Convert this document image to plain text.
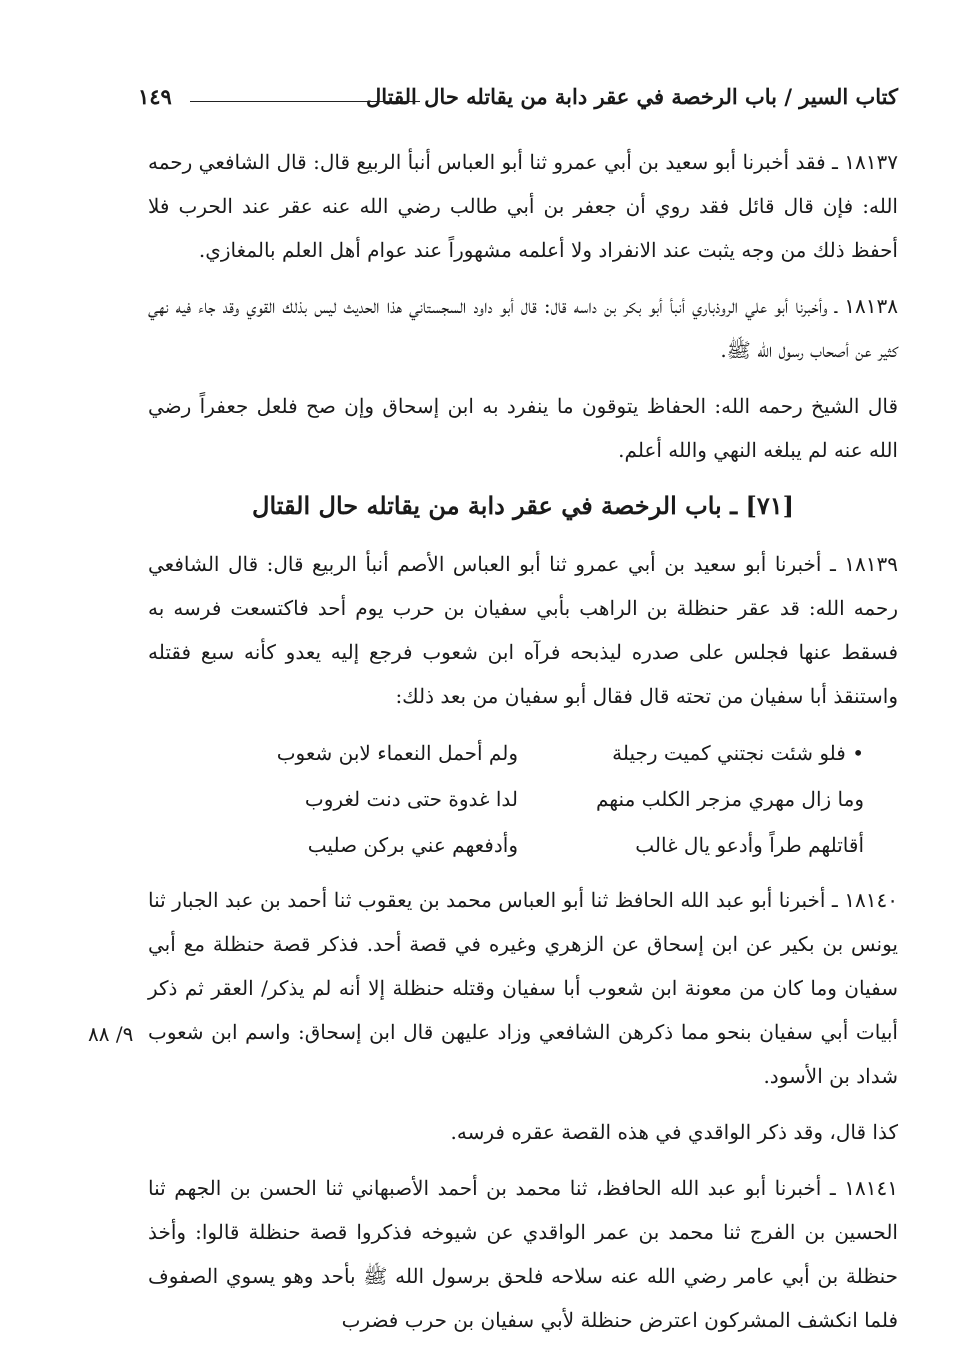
كتاب السير / باب الرخصة في عقر دابة من يقاتله حال القتال
١٤٩

١٨١٣٧ ـ فقد أخبرنا أبو سعيد بن أبي عمرو ثنا أبو العباس أنبأ الربيع قال: قال الشافعي رحمه الله: فإن قال قائل فقد روي أن جعفر بن أبي طالب رضي الله عنه عقر عند الحرب فلا أحفظ ذلك من وجه يثبت عند الانفراد ولا أعلمه مشهوراً عند عوام أهل العلم بالمغازي.

١٨١٣٨ ـ وأخبرنا أبو علي الروذباري أنبأ أبو بكر بن داسه قال: قال أبو داود السجستاني هذا الحديث ليس بذلك القوي وقد جاء فيه نهي كثير عن أصحاب رسول الله ﷺ.

قال الشيخ رحمه الله: الحفاظ يتوقون ما ينفرد به ابن إسحاق وإن صح فلعل جعفراً رضي الله عنه لم يبلغه النهي والله أعلم.

[٧١] ـ باب الرخصة في عقر دابة من يقاتله حال القتال

١٨١٣٩ ـ أخبرنا أبو سعيد بن أبي عمرو ثنا أبو العباس الأصم أنبأ الربيع قال: قال الشافعي رحمه الله: قد عقر حنظلة بن الراهب بأبي سفيان بن حرب يوم أحد فاكتسعت فرسه به فسقط عنها فجلس على صدره ليذبحه فرآه ابن شعوب فرجع إليه يعدو كأنه سبع فقتله واستنقذ أبا سفيان من تحته قال فقال أبو سفيان من بعد ذلك:

• فلو شئت نجتني كميت رجيلة
ولم أحمل النعماء لابن شعوب
وما زال مهري مزجر الكلب منهم
لدا غدوة حتى دنت لغروب
أقاتلهم طراً وأدعو يال غالب
وأدفعهم عني بركن صليب

١٨١٤٠ ـ أخبرنا أبو عبد الله الحافظ ثنا أبو العباس محمد بن يعقوب ثنا أحمد بن عبد الجبار ثنا يونس بن بكير عن ابن إسحاق عن الزهري وغيره في قصة أحد. فذكر قصة حنظلة مع أبي سفيان وما كان من معونة ابن شعوب أبا سفيان وقتله حنظلة إلا أنه لم يذكر/ العقر ثم ذكر أبيات أبي سفيان بنحو مما ذكرهن الشافعي وزاد عليهن قال ابن إسحاق: واسم ابن شعوب شداد بن الأسود.

كذا قال، وقد ذكر الواقدي في هذه القصة عقره فرسه.

١٨١٤١ ـ أخبرنا أبو عبد الله الحافظ، ثنا محمد بن أحمد الأصبهاني ثنا الحسن بن الجهم ثنا الحسين بن الفرج ثنا محمد بن عمر الواقدي عن شيوخه فذكروا قصة حنظلة قالوا: وأخذ حنظلة بن أبي عامر رضي الله عنه سلاحه فلحق برسول الله ﷺ بأحد وهو يسوي الصفوف فلما انكشف المشركون اعترض حنظلة لأبي سفيان بن حرب فضرب

٩/ ٨٨
